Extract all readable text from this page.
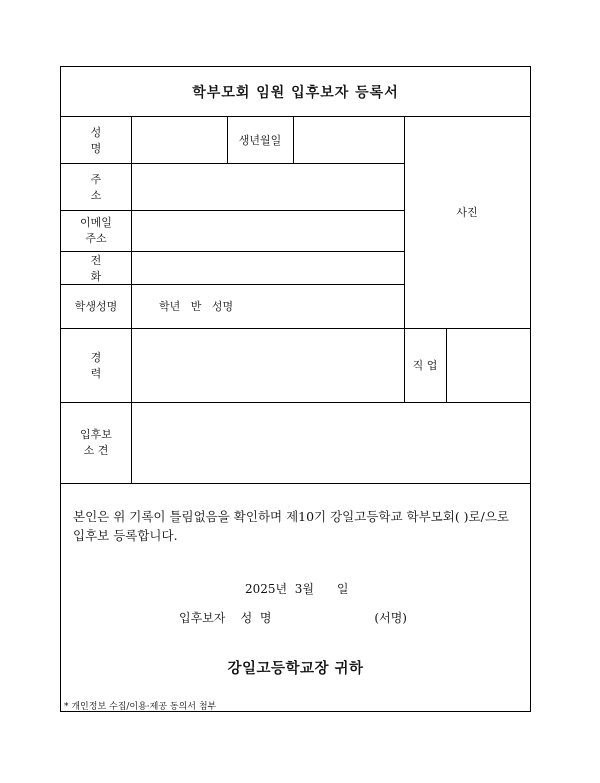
학부모회 임원 입후보자 등록서
성 명
생년월일
사진
주 소
이메일
주소
전 화
학생성명	학년   반   성명
경 력
직 업
입후보
소 견
본인은 위 기록이 틀림없음을 확인하며 제10기 강일고등학교 학부모회( )로/으로 입후보 등록합니다.
2025년  3월      일
입후보자    성  명                           (서명)
강일고등학교장 귀하
* 개인정보 수집/이용·제공 동의서 첨부
